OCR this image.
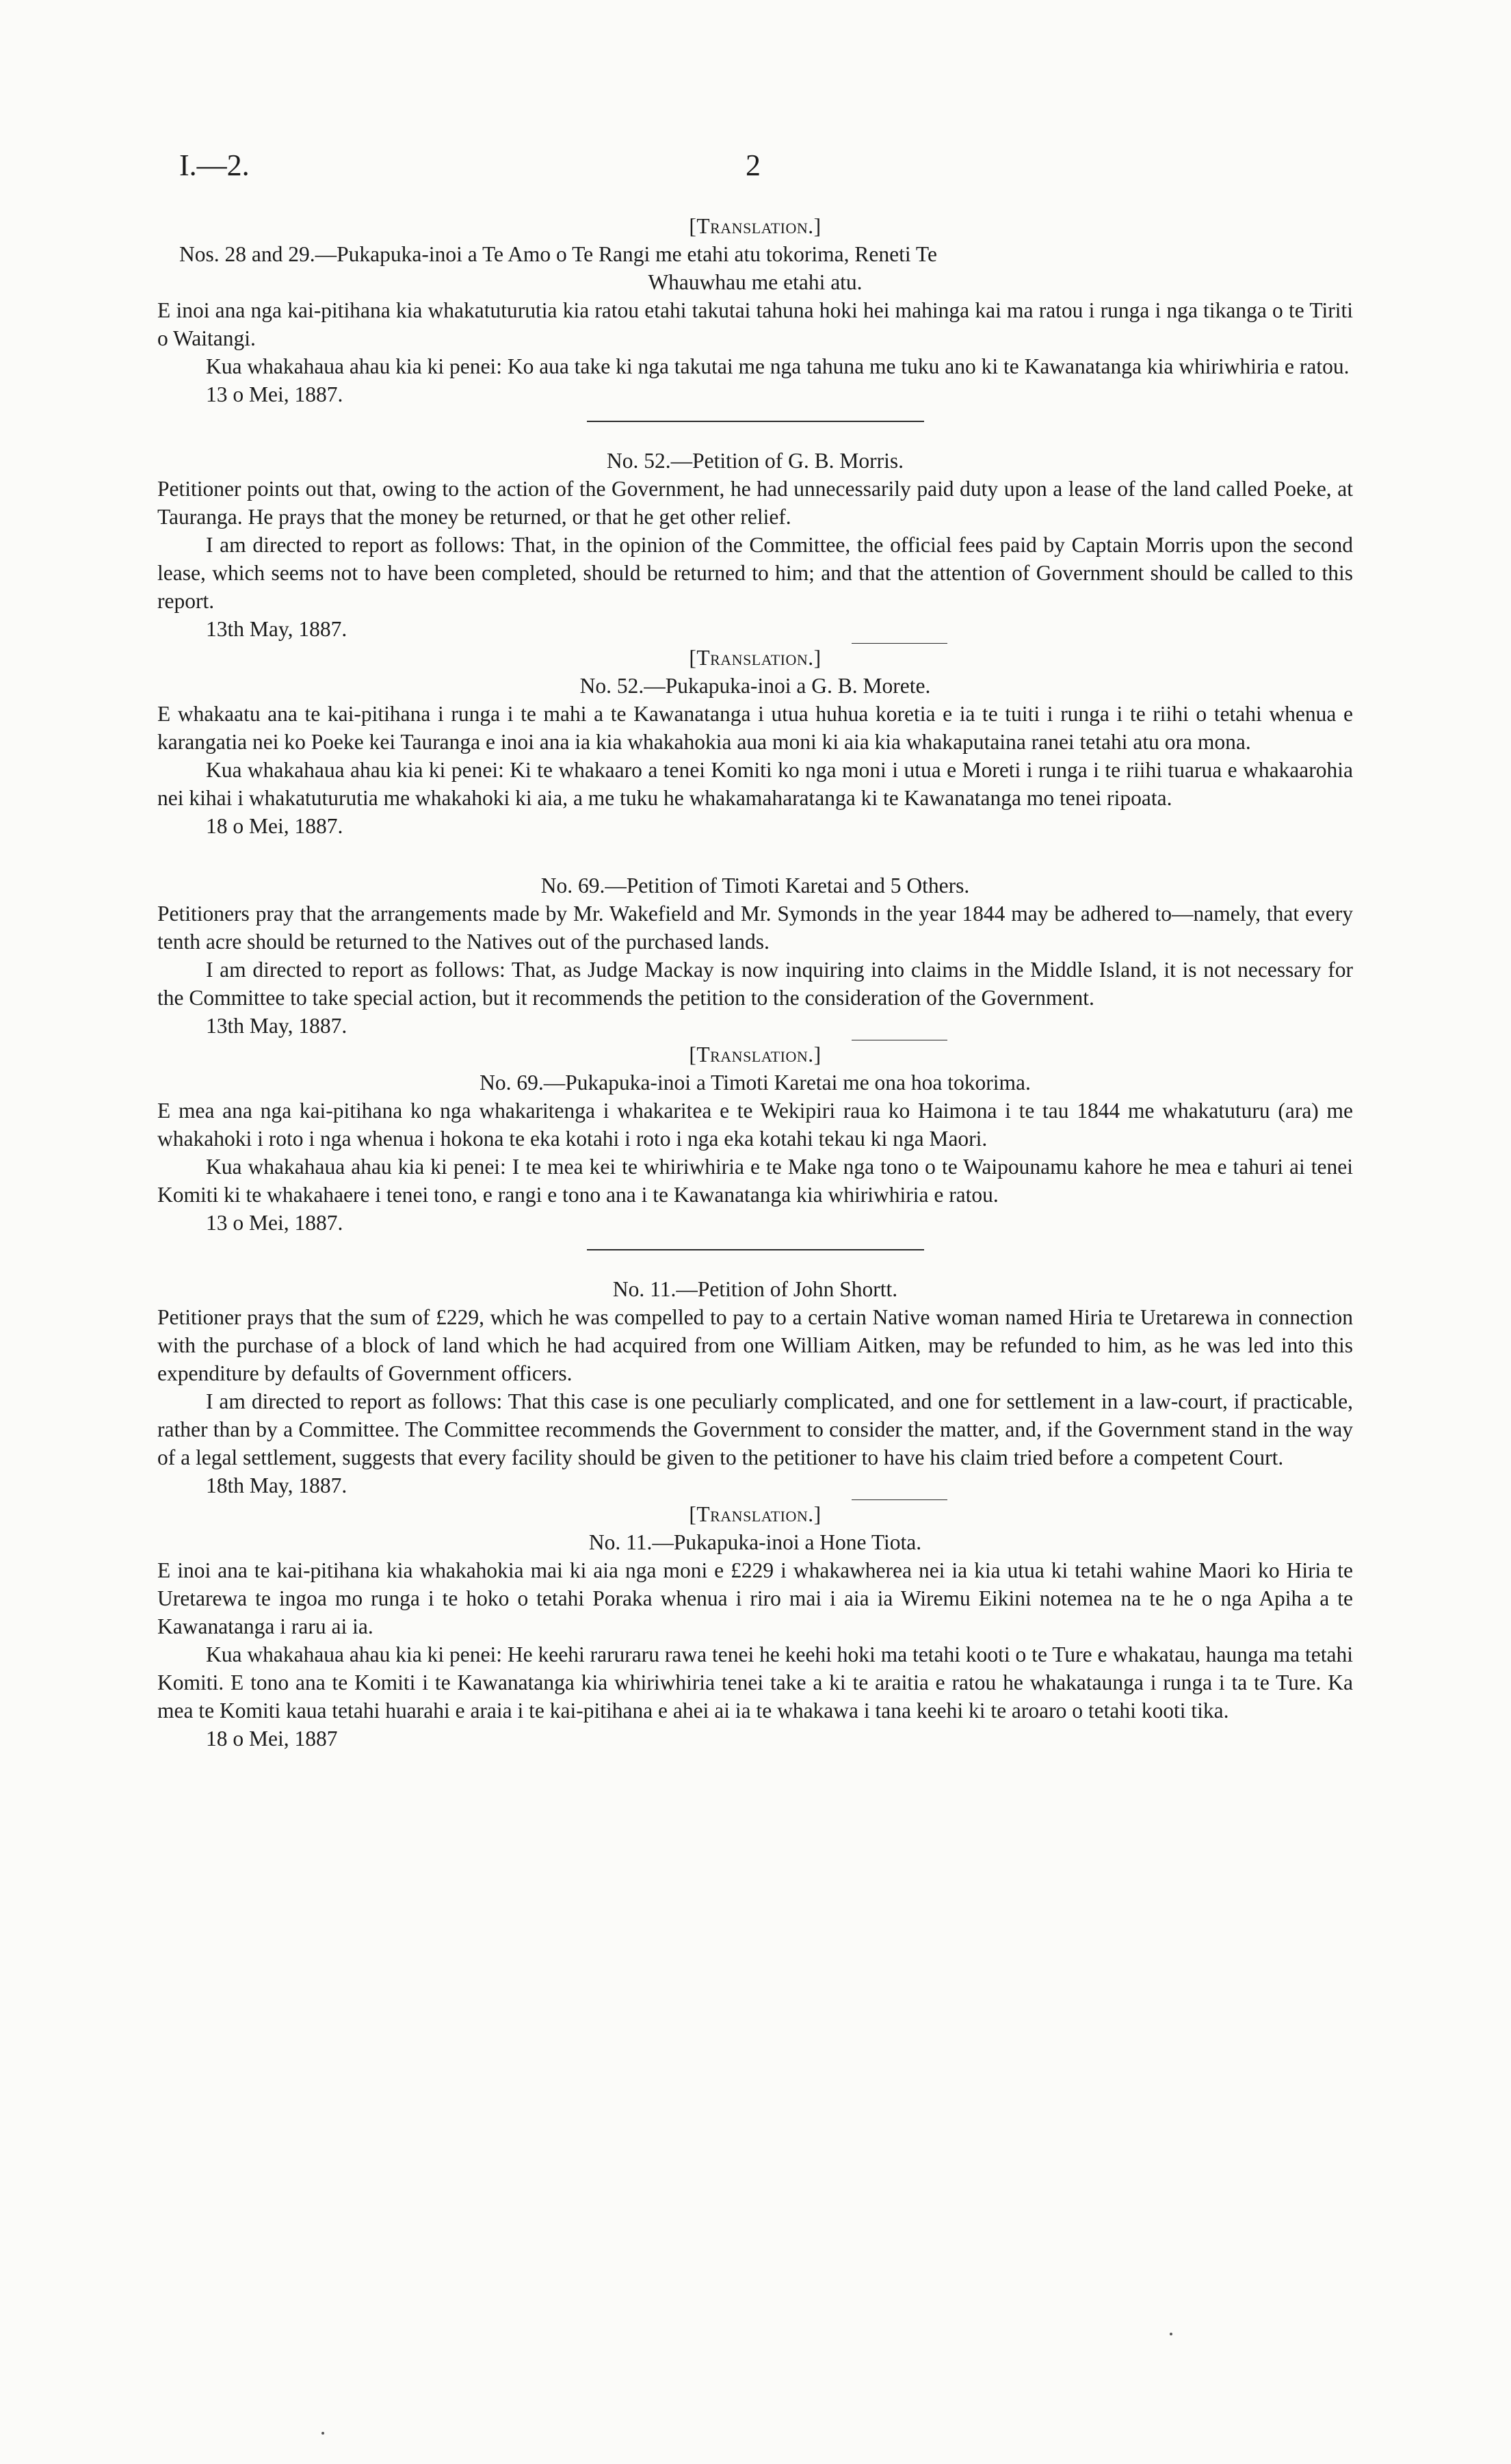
I.—2.	2
[Translation.]

Nos. 28 and 29.—Pukapuka-inoi a Te Amo o Te Rangi me etahi atu tokorima, Reneti Te

Whauwhau me etahi atu.

E inoi ana nga kai-pitihana kia whakatuturutia kia ratou etahi takutai tahuna hoki hei mahinga kai ma ratou i runga i nga tikanga o te Tiriti o Waitangi.

Kua whakahaua ahau kia ki penei: Ko aua take ki nga takutai me nga tahuna me tuku ano ki te Kawanatanga kia whiriwhiria e ratou.

13 o Mei, 1887.

No. 52.—Petition of G. B. Morris.

Petitioner points out that, owing to the action of the Government, he had unnecessarily paid duty upon a lease of the land called Poeke, at Tauranga. He prays that the money be returned, or that he get other relief.

I am directed to report as follows: That, in the opinion of the Committee, the official fees paid by Captain Morris upon the second lease, which seems not to have been completed, should be returned to him; and that the attention of Government should be called to this report.

13th May, 1887.

[Translation.]

No. 52.—Pukapuka-inoi a G. B. Morete.

E whakaatu ana te kai-pitihana i runga i te mahi a te Kawanatanga i utua huhua koretia e ia te tuiti i runga i te riihi o tetahi whenua e karangatia nei ko Poeke kei Tauranga e inoi ana ia kia whakahokia aua moni ki aia kia whakaputaina ranei tetahi atu ora mona.

Kua whakahaua ahau kia ki penei: Ki te whakaaro a tenei Komiti ko nga moni i utua e Moreti i runga i te riihi tuarua e whakaarohia nei kihai i whakatuturutia me whakahoki ki aia, a me tuku he whakamaharatanga ki te Kawanatanga mo tenei ripoata.

18 o Mei, 1887.

No. 69.—Petition of Timoti Karetai and 5 Others.

Petitioners pray that the arrangements made by Mr. Wakefield and Mr. Symonds in the year 1844 may be adhered to—namely, that every tenth acre should be returned to the Natives out of the purchased lands.

I am directed to report as follows: That, as Judge Mackay is now inquiring into claims in the Middle Island, it is not necessary for the Committee to take special action, but it recommends the petition to the consideration of the Government.

13th May, 1887.

[Translation.]

No. 69.—Pukapuka-inoi a Timoti Karetai me ona hoa tokorima.

E mea ana nga kai-pitihana ko nga whakaritenga i whakaritea e te Wekipiri raua ko Haimona i te tau 1844 me whakatuturu (ara) me whakahoki i roto i nga whenua i hokona te eka kotahi i roto i nga eka kotahi tekau ki nga Maori.

Kua whakahaua ahau kia ki penei: I te mea kei te whiriwhiria e te Make nga tono o te Waipounamu kahore he mea e tahuri ai tenei Komiti ki te whakahaere i tenei tono, e rangi e tono ana i te Kawanatanga kia whiriwhiria e ratou.

13 o Mei, 1887.

No. 11.—Petition of John Shortt.

Petitioner prays that the sum of £229, which he was compelled to pay to a certain Native woman named Hiria te Uretarewa in connection with the purchase of a block of land which he had acquired from one William Aitken, may be refunded to him, as he was led into this expenditure by defaults of Government officers.

I am directed to report as follows: That this case is one peculiarly complicated, and one for settlement in a law-court, if practicable, rather than by a Committee. The Committee recommends the Government to consider the matter, and, if the Government stand in the way of a legal settlement, suggests that every facility should be given to the petitioner to have his claim tried before a competent Court.

18th May, 1887.

[Translation.]

No. 11.—Pukapuka-inoi a Hone Tiota.

E inoi ana te kai-pitihana kia whakahokia mai ki aia nga moni e £229 i whakawherea nei ia kia utua ki tetahi wahine Maori ko Hiria te Uretarewa te ingoa mo runga i te hoko o tetahi Poraka whenua i riro mai i aia ia Wiremu Eikini notemea na te he o nga Apiha a te Kawanatanga i raru ai ia.

Kua whakahaua ahau kia ki penei: He keehi raruraru rawa tenei he keehi hoki ma tetahi kooti o te Ture e whakatau, haunga ma tetahi Komiti. E tono ana te Komiti i te Kawanatanga kia whiriwhiria tenei take a ki te araitia e ratou he whakataunga i runga i ta te Ture. Ka mea te Komiti kaua tetahi huarahi e araia i te kai-pitihana e ahei ai ia te whakawa i tana keehi ki te aroaro o tetahi kooti tika.

18 o Mei, 1887
